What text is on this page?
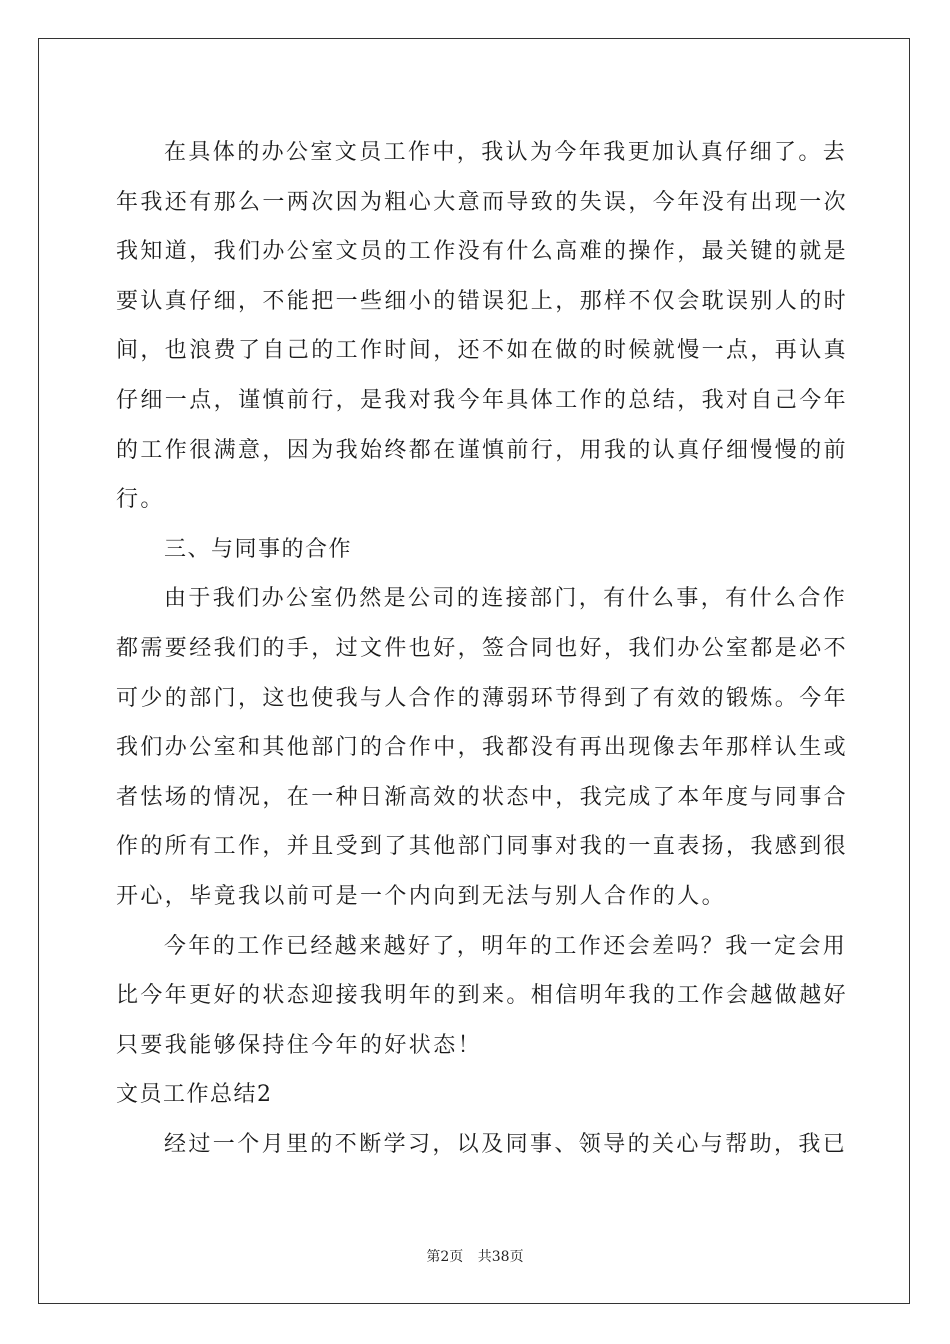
在具体的办公室文员工作中，我认为今年我更加认真仔细了。去
年我还有那么一两次因为粗心大意而导致的失误，今年没有出现一次
我知道，我们办公室文员的工作没有什么高难的操作，最关键的就是
要认真仔细，不能把一些细小的错误犯上，那样不仅会耽误别人的时
间，也浪费了自己的工作时间，还不如在做的时候就慢一点，再认真
仔细一点，谨慎前行，是我对我今年具体工作的总结，我对自己今年
的工作很满意，因为我始终都在谨慎前行，用我的认真仔细慢慢的前
行。
三、与同事的合作
由于我们办公室仍然是公司的连接部门，有什么事，有什么合作
都需要经我们的手，过文件也好，签合同也好，我们办公室都是必不
可少的部门，这也使我与人合作的薄弱环节得到了有效的锻炼。今年
我们办公室和其他部门的合作中，我都没有再出现像去年那样认生或
者怯场的情况，在一种日渐高效的状态中，我完成了本年度与同事合
作的所有工作，并且受到了其他部门同事对我的一直表扬，我感到很
开心，毕竟我以前可是一个内向到无法与别人合作的人。
今年的工作已经越来越好了，明年的工作还会差吗？我一定会用
比今年更好的状态迎接我明年的到来。相信明年我的工作会越做越好
只要我能够保持住今年的好状态！
文员工作总结2
经过一个月里的不断学习，以及同事、领导的关心与帮助，我已
第2页 共38页
